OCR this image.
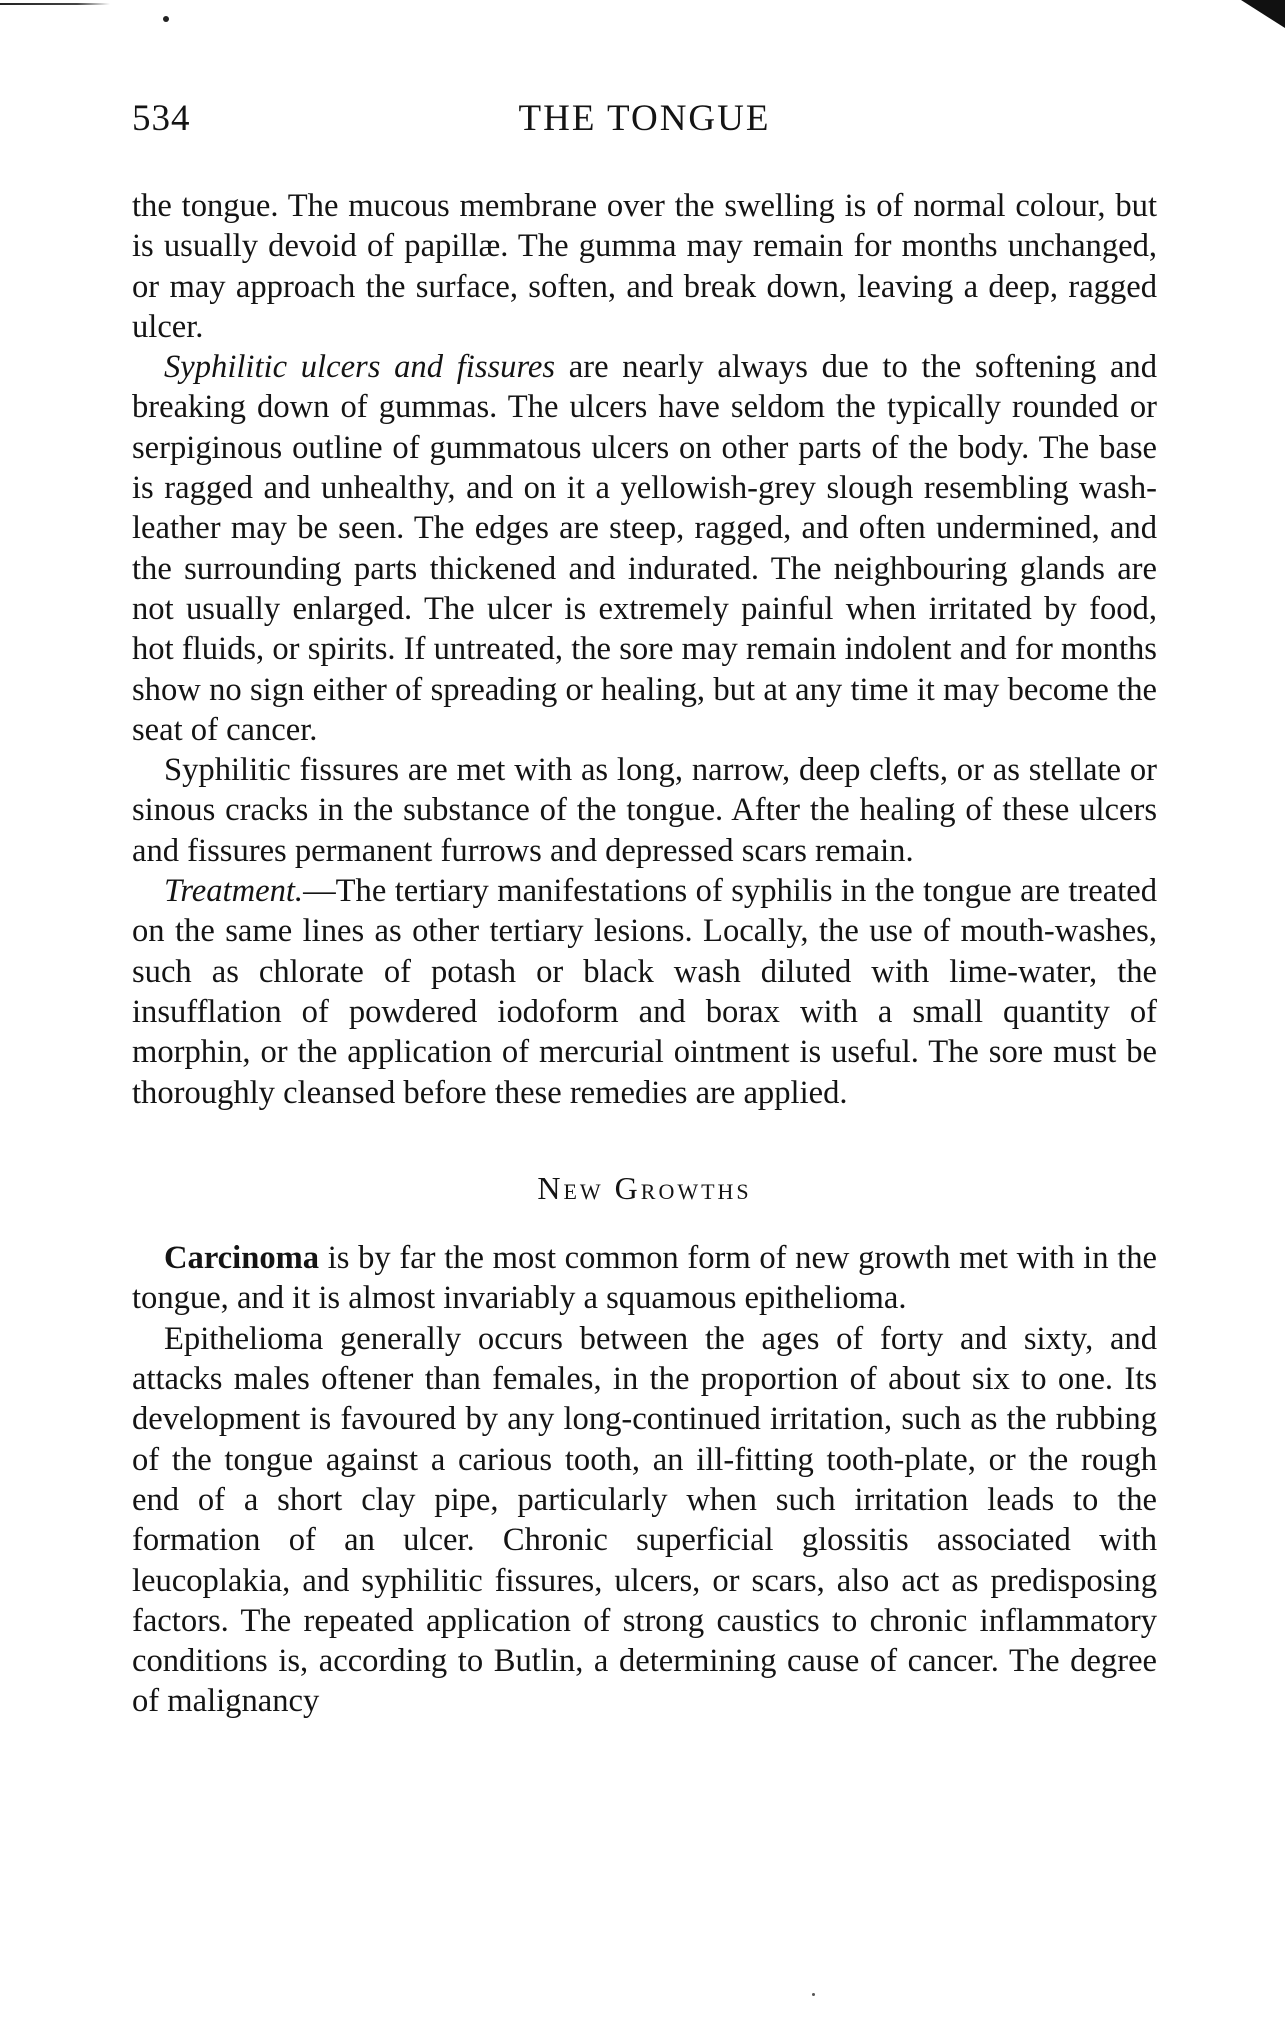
534	THE TONGUE

the tongue. The mucous membrane over the swelling is of normal colour, but is usually devoid of papillæ. The gumma may remain for months unchanged, or may approach the surface, soften, and break down, leaving a deep, ragged ulcer.

Syphilitic ulcers and fissures are nearly always due to the softening and breaking down of gummas. The ulcers have seldom the typically rounded or serpiginous outline of gummatous ulcers on other parts of the body. The base is ragged and unhealthy, and on it a yellowish-grey slough resembling wash-leather may be seen. The edges are steep, ragged, and often undermined, and the surrounding parts thickened and indurated. The neighbouring glands are not usually enlarged. The ulcer is extremely painful when irritated by food, hot fluids, or spirits. If untreated, the sore may remain indolent and for months show no sign either of spreading or healing, but at any time it may become the seat of cancer.

Syphilitic fissures are met with as long, narrow, deep clefts, or as stellate or sinous cracks in the substance of the tongue. After the healing of these ulcers and fissures permanent furrows and depressed scars remain.

Treatment.—The tertiary manifestations of syphilis in the tongue are treated on the same lines as other tertiary lesions. Locally, the use of mouth-washes, such as chlorate of potash or black wash diluted with lime-water, the insufflation of powdered iodoform and borax with a small quantity of morphin, or the application of mercurial ointment is useful. The sore must be thoroughly cleansed before these remedies are applied.

New Growths

Carcinoma is by far the most common form of new growth met with in the tongue, and it is almost invariably a squamous epithelioma.

Epithelioma generally occurs between the ages of forty and sixty, and attacks males oftener than females, in the proportion of about six to one. Its development is favoured by any long-continued irritation, such as the rubbing of the tongue against a carious tooth, an ill-fitting tooth-plate, or the rough end of a short clay pipe, particularly when such irritation leads to the formation of an ulcer. Chronic superficial glossitis associated with leucoplakia, and syphilitic fissures, ulcers, or scars, also act as predisposing factors. The repeated application of strong caustics to chronic inflammatory conditions is, according to Butlin, a determining cause of cancer. The degree of malignancy
